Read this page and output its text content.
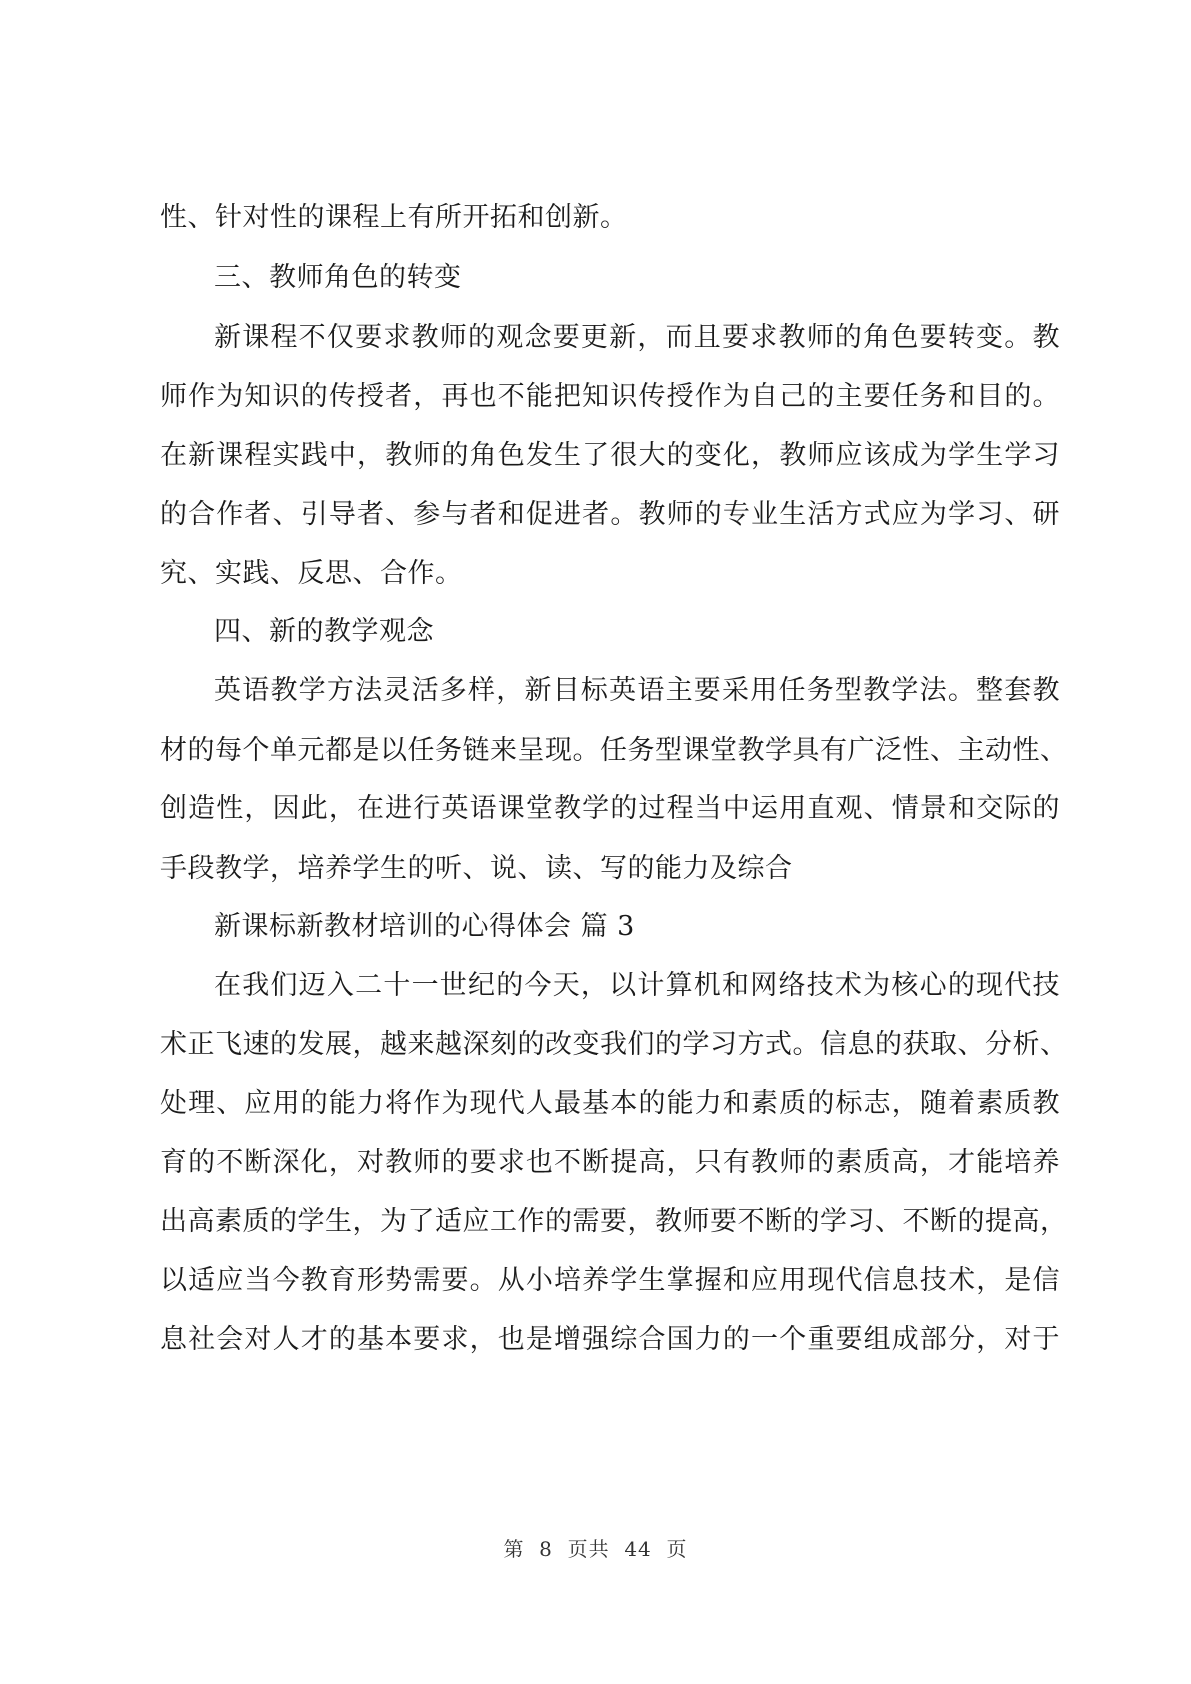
性、针对性的课程上有所开拓和创新。
三、教师角色的转变
新课程不仅要求教师的观念要更新，而且要求教师的角色要转变。教
师作为知识的传授者，再也不能把知识传授作为自己的主要任务和目的。
在新课程实践中，教师的角色发生了很大的变化，教师应该成为学生学习
的合作者、引导者、参与者和促进者。教师的专业生活方式应为学习、研
究、实践、反思、合作。
四、新的教学观念
英语教学方法灵活多样，新目标英语主要采用任务型教学法。整套教
材的每个单元都是以任务链来呈现。任务型课堂教学具有广泛性、主动性、
创造性，因此，在进行英语课堂教学的过程当中运用直观、情景和交际的
手段教学，培养学生的听、说、读、写的能力及综合
新课标新教材培训的心得体会 篇 3
在我们迈入二十一世纪的今天，以计算机和网络技术为核心的现代技
术正飞速的发展，越来越深刻的改变我们的学习方式。信息的获取、分析、
处理、应用的能力将作为现代人最基本的能力和素质的标志，随着素质教
育的不断深化，对教师的要求也不断提高，只有教师的素质高，才能培养
出高素质的学生，为了适应工作的需要，教师要不断的学习、不断的提高，
以适应当今教育形势需要。从小培养学生掌握和应用现代信息技术，是信
息社会对人才的基本要求，也是增强综合国力的一个重要组成部分，对于
第  8  页共  44  页
